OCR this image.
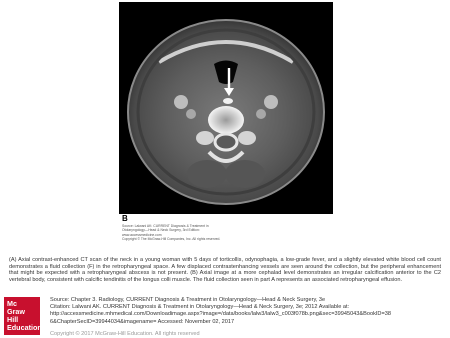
B
Source: Lalwani AK: CURRENT Diagnosis & Treatment in
Otolaryngology—Head & Neck Surgery, 3rd Edition:
www.accessmedicine.com
Copyright © The McGraw-Hill Companies, Inc. All rights reserved.
(A) Axial contrast-enhanced CT scan of the neck in a young woman with 5 days of torticollis, odynophagia, a low-grade fever, and a slightly elevated white blood cell count demonstrates a fluid collection (F) in the retropharyngeal space. A few displaced contrastenhancing vessels are seen around the collection, but the peripheral enhancement that might be expected with a retropharyngeal abscess is not present. (B) Axial image at a more cephalad level demonstrates an irregular calcification anterior to the C2 vertebral body, consistent with calcific tendinitis of the longus colli muscle. The fluid collection seen in part A represents an associated retropharyngeal effusion.
Mc
Graw
Hill
Education
Source: Chapter 3. Radiology, CURRENT Diagnosis & Treatment in Otolaryngology—Head & Neck Surgery, 3e
Citation: Lalwani AK. CURRENT Diagnosis & Treatment in Otolaryngology—Head & Neck Surgery, 3e; 2012 Available at:
http://accessmedicine.mhmedical.com/Downloadimage.aspx?image=/data/books/lalw3/lalw3_c003f078b.png&sec=39945043&BookID=38
6&ChapterSecID=39944034&imagename= Accessed: November 02, 2017
Copyright © 2017 McGraw-Hill Education. All rights reserved
